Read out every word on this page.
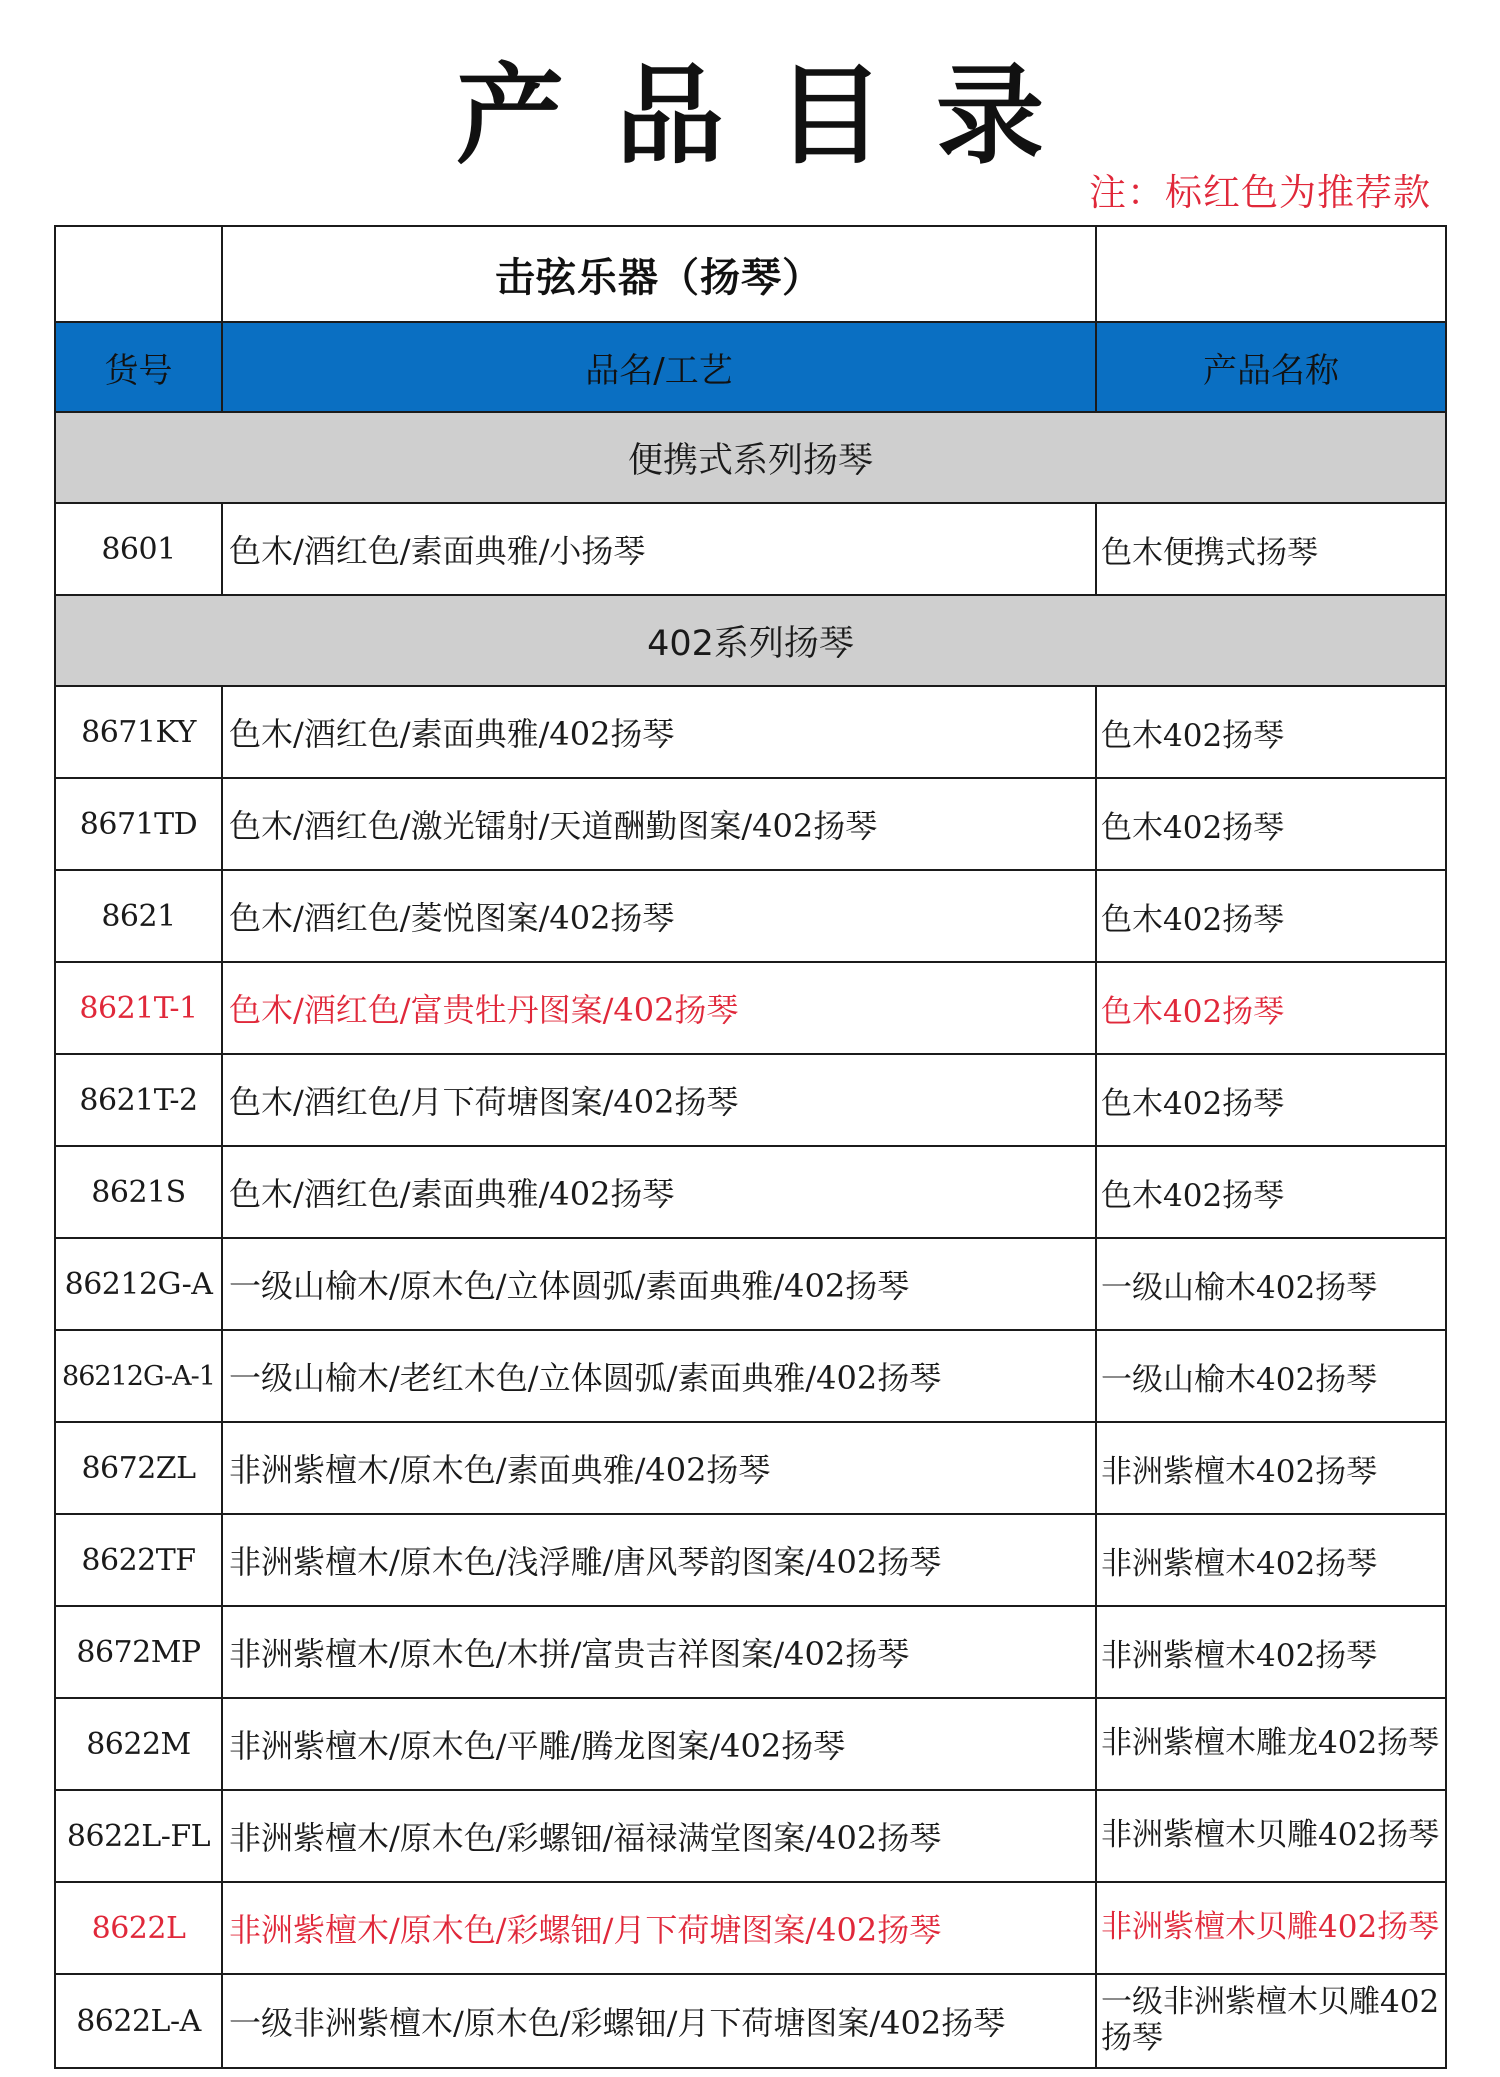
产品目录
注：标红色为推荐款
	击弦乐器（扬琴）	
货号	品名/工艺	产品名称
便携式系列扬琴		
8601	色木/酒红色/素面典雅/小扬琴	色木便携式扬琴
402系列扬琴		
8671KY	色木/酒红色/素面典雅/402扬琴	色木402扬琴
8671TD	色木/酒红色/激光镭射/天道酬勤图案/402扬琴	色木402扬琴
8621	色木/酒红色/菱悦图案/402扬琴	色木402扬琴
8621T-1	色木/酒红色/富贵牡丹图案/402扬琴	色木402扬琴
8621T-2	色木/酒红色/月下荷塘图案/402扬琴	色木402扬琴
8621S	色木/酒红色/素面典雅/402扬琴	色木402扬琴
86212G-A	一级山榆木/原木色/立体圆弧/素面典雅/402扬琴	一级山榆木402扬琴
86212G-A-1	一级山榆木/老红木色/立体圆弧/素面典雅/402扬琴	一级山榆木402扬琴
8672ZL	非洲紫檀木/原木色/素面典雅/402扬琴	非洲紫檀木402扬琴
8622TF	非洲紫檀木/原木色/浅浮雕/唐风琴韵图案/402扬琴	非洲紫檀木402扬琴
8672MP	非洲紫檀木/原木色/木拼/富贵吉祥图案/402扬琴	非洲紫檀木402扬琴
8622M	非洲紫檀木/原木色/平雕/腾龙图案/402扬琴	非洲紫檀木雕龙402扬琴
8622L-FL	非洲紫檀木/原木色/彩螺钿/福禄满堂图案/402扬琴	非洲紫檀木贝雕402扬琴
8622L	非洲紫檀木/原木色/彩螺钿/月下荷塘图案/402扬琴	非洲紫檀木贝雕402扬琴
8622L-A	一级非洲紫檀木/原木色/彩螺钿/月下荷塘图案/402扬琴	一级非洲紫檀木贝雕402扬琴
